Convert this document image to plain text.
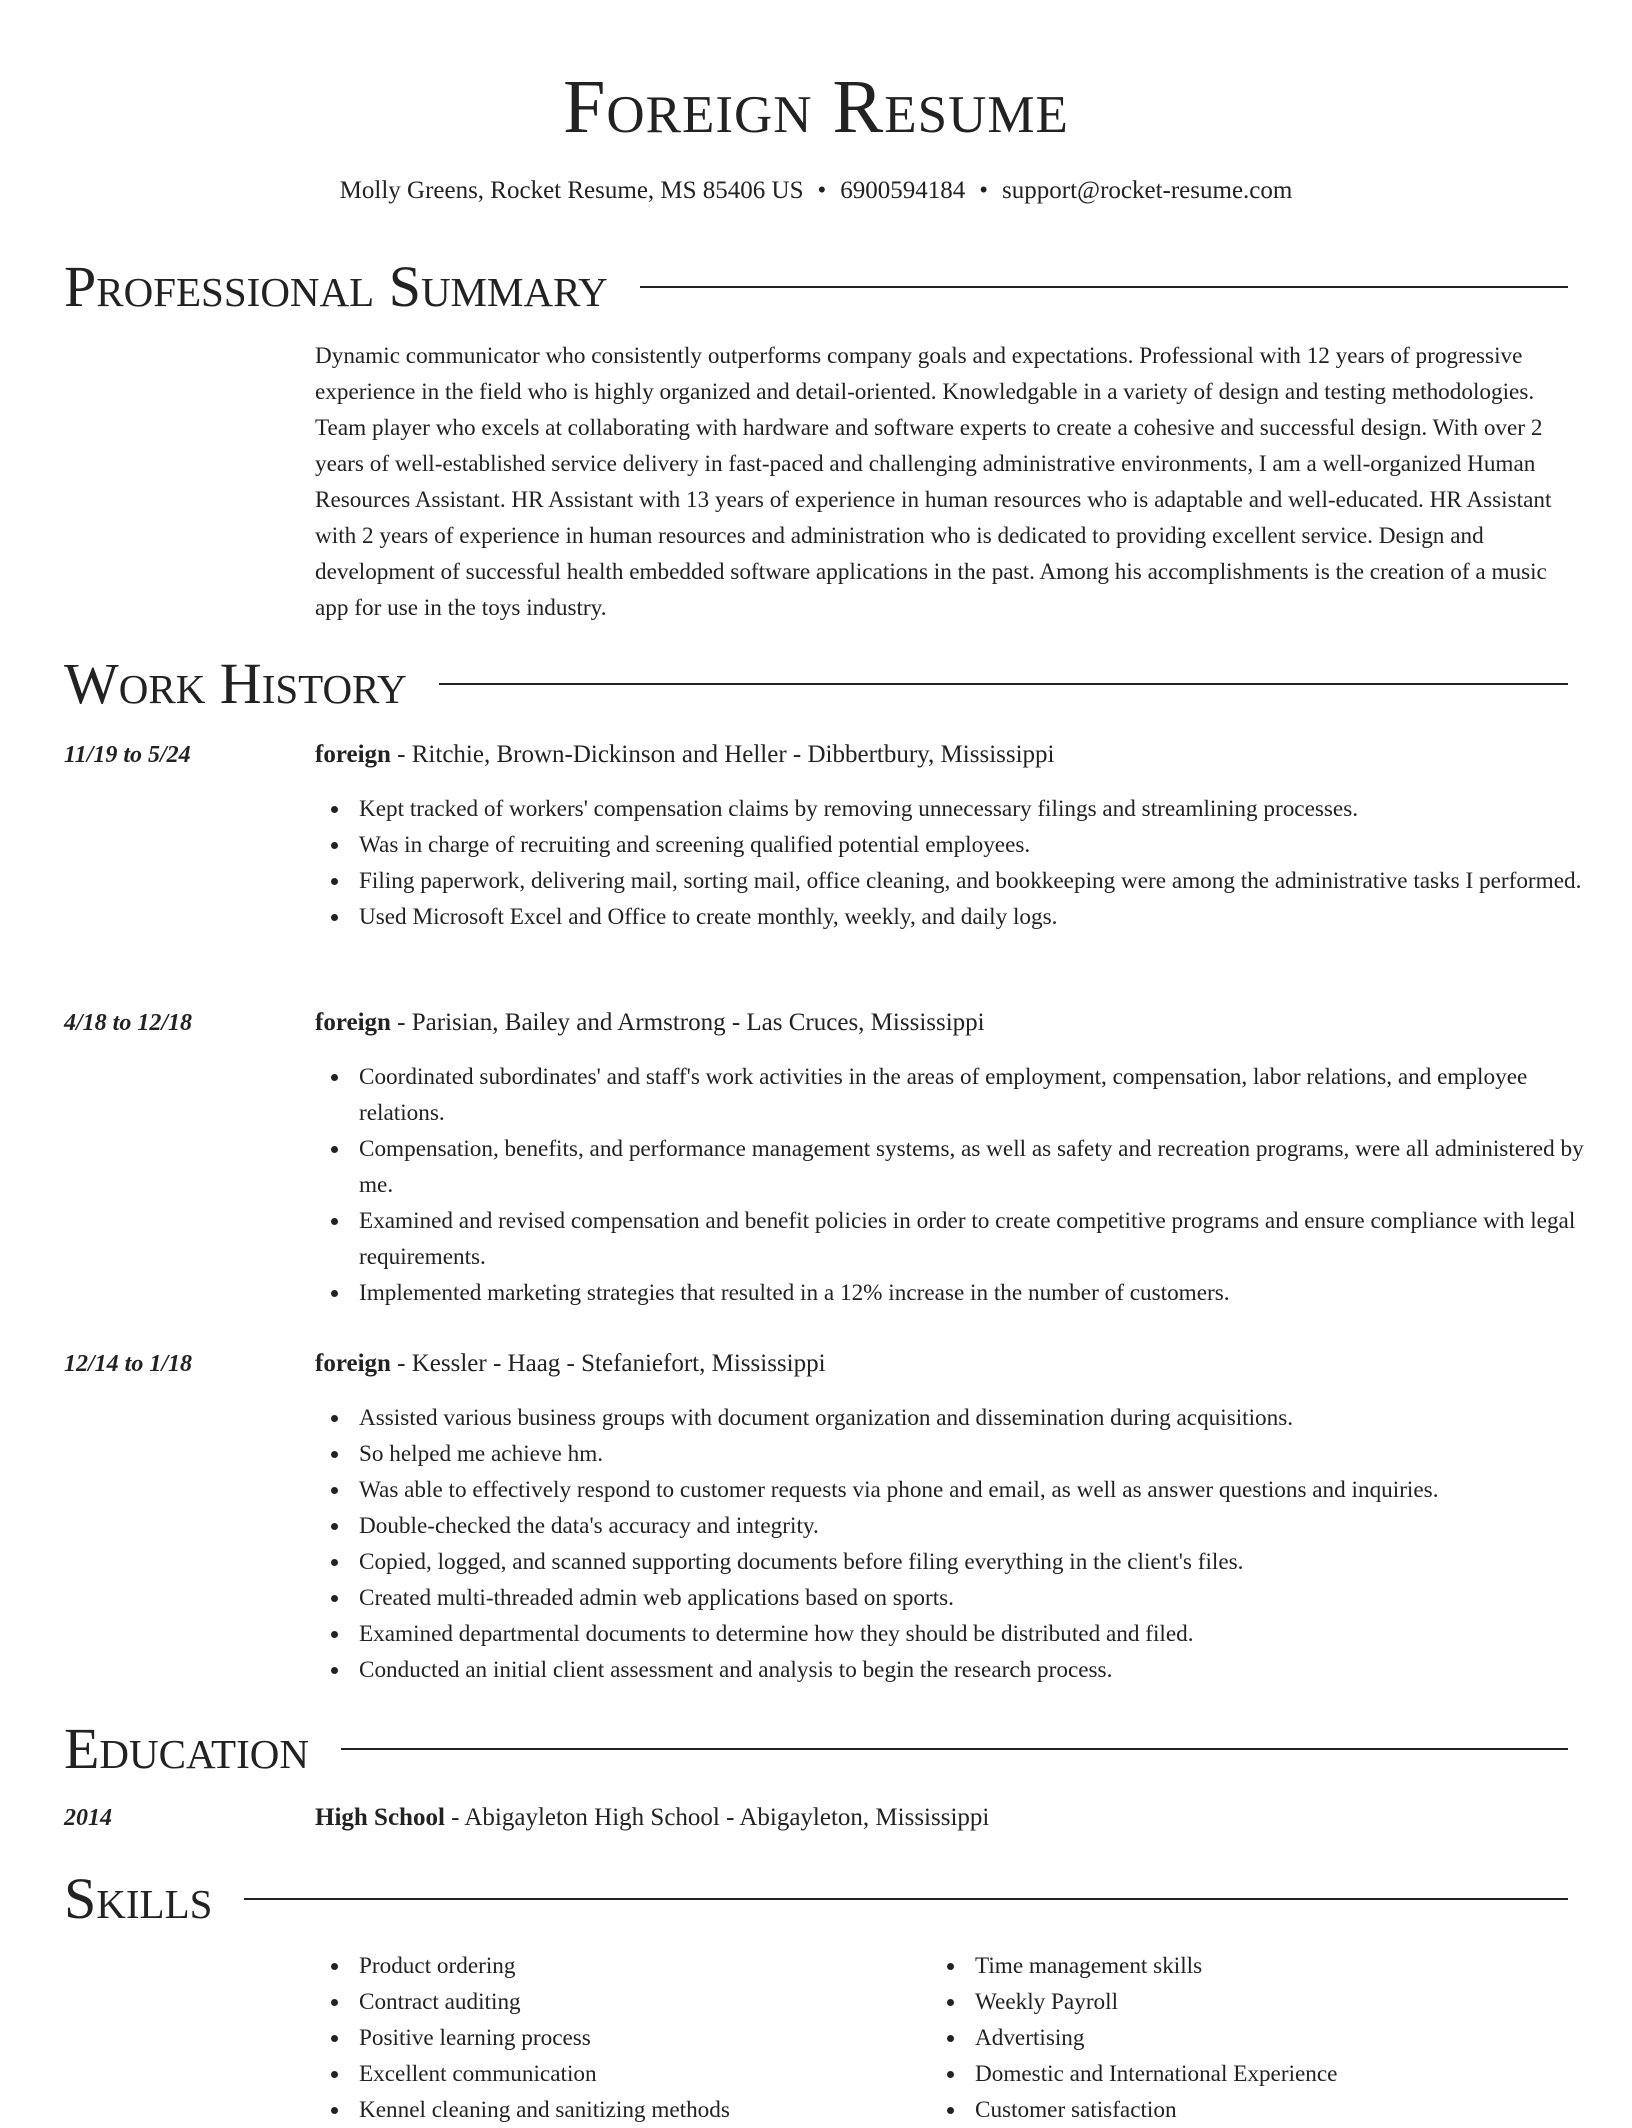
Foreign Resume
Molly Greens, Rocket Resume, MS 85406 US • 6900594184 • support@rocket-resume.com
Professional Summary
Dynamic communicator who consistently outperforms company goals and expectations. Professional with 12 years of progressive experience in the field who is highly organized and detail-oriented. Knowledgable in a variety of design and testing methodologies. Team player who excels at collaborating with hardware and software experts to create a cohesive and successful design. With over 2 years of well-established service delivery in fast-paced and challenging administrative environments, I am a well-organized Human Resources Assistant. HR Assistant with 13 years of experience in human resources who is adaptable and well-educated. HR Assistant with 2 years of experience in human resources and administration who is dedicated to providing excellent service. Design and development of successful health embedded software applications in the past. Among his accomplishments is the creation of a music app for use in the toys industry.
Work History
11/19 to 5/24	foreign - Ritchie, Brown-Dickinson and Heller - Dibbertbury, Mississippi
Kept tracked of workers' compensation claims by removing unnecessary filings and streamlining processes.
Was in charge of recruiting and screening qualified potential employees.
Filing paperwork, delivering mail, sorting mail, office cleaning, and bookkeeping were among the administrative tasks I performed.
Used Microsoft Excel and Office to create monthly, weekly, and daily logs.
4/18 to 12/18	foreign - Parisian, Bailey and Armstrong - Las Cruces, Mississippi
Coordinated subordinates' and staff's work activities in the areas of employment, compensation, labor relations, and employee relations.
Compensation, benefits, and performance management systems, as well as safety and recreation programs, were all administered by me.
Examined and revised compensation and benefit policies in order to create competitive programs and ensure compliance with legal requirements.
Implemented marketing strategies that resulted in a 12% increase in the number of customers.
12/14 to 1/18	foreign - Kessler - Haag - Stefaniefort, Mississippi
Assisted various business groups with document organization and dissemination during acquisitions.
So helped me achieve hm.
Was able to effectively respond to customer requests via phone and email, as well as answer questions and inquiries.
Double-checked the data's accuracy and integrity.
Copied, logged, and scanned supporting documents before filing everything in the client's files.
Created multi-threaded admin web applications based on sports.
Examined departmental documents to determine how they should be distributed and filed.
Conducted an initial client assessment and analysis to begin the research process.
Education
2014	High School - Abigayleton High School - Abigayleton, Mississippi
Skills
Product ordering
Contract auditing
Positive learning process
Excellent communication
Kennel cleaning and sanitizing methods
Time management skills
Weekly Payroll
Advertising
Domestic and International Experience
Customer satisfaction
